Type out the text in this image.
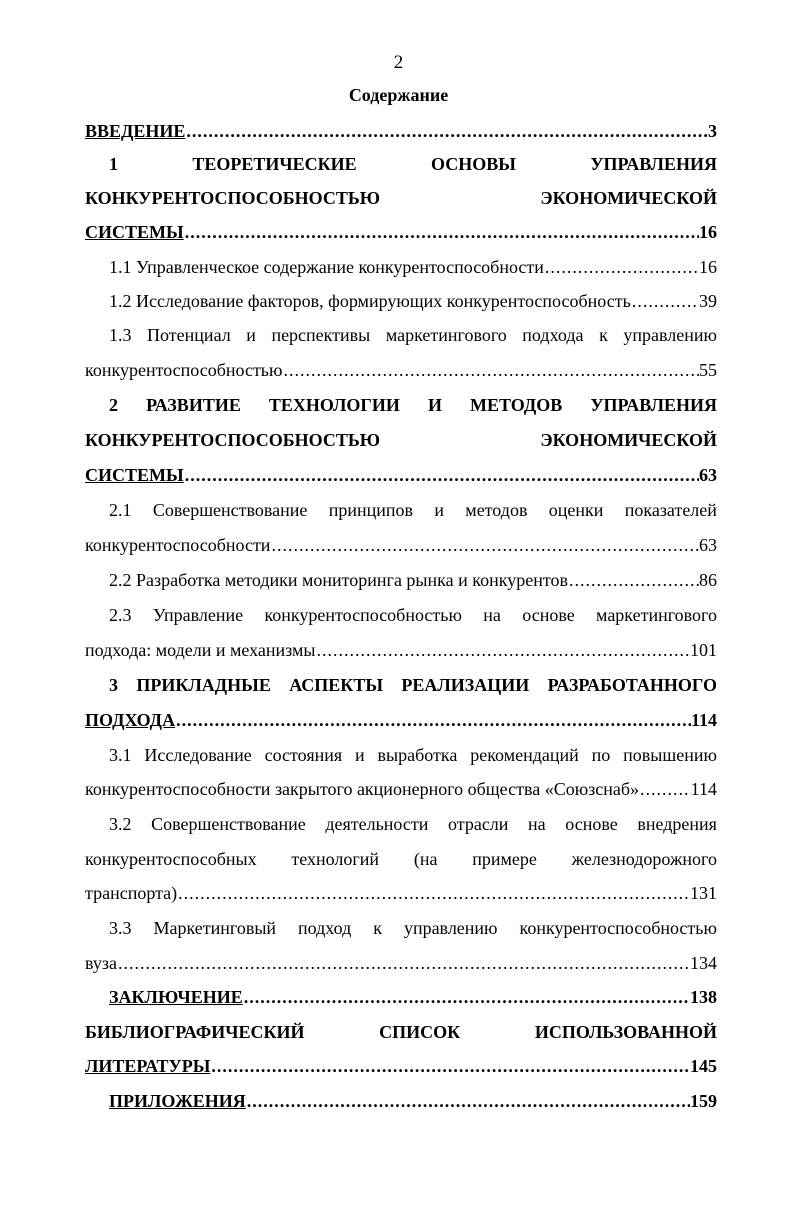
2
Содержание
ВВЕДЕНИЕ .....	3
1	ТЕОРЕТИЧЕСКИЕ	ОСНОВЫ	УПРАВЛЕНИЯ
КОНКУРЕНТОСПОСОБНОСТЬЮ	ЭКОНОМИЧЕСКОЙ
СИСТЕМЫ .....	16
1.1 Управленческое содержание конкурентоспособности .....	16
1.2 Исследование факторов, формирующих конкурентоспособность .....	39
1.3 Потенциал и перспективы маркетингового подхода к управлению
конкурентоспособностью .....	55
2 РАЗВИТИЕ ТЕХНОЛОГИИ И МЕТОДОВ УПРАВЛЕНИЯ
КОНКУРЕНТОСПОСОБНОСТЬЮ	ЭКОНОМИЧЕСКОЙ
СИСТЕМЫ .....	63
2.1 Совершенствование принципов и методов оценки показателей
конкурентоспособности .....	63
2.2 Разработка методики мониторинга рынка и конкурентов .....	86
2.3 Управление конкурентоспособностью на основе маркетингового
подхода: модели и механизмы .....	101
3 ПРИКЛАДНЫЕ АСПЕКТЫ РЕАЛИЗАЦИИ РАЗРАБОТАННОГО
ПОДХОДА .....	114
3.1 Исследование состояния и выработка рекомендаций по повышению
конкурентоспособности закрытого акционерного общества «Союзснаб» .....	114
3.2 Совершенствование деятельности отрасли на основе внедрения
конкурентоспособных технологий (на примере железнодорожного
транспорта) .....	131
3.3 Маркетинговый подход к управлению конкурентоспособностью
вуза .....	134
ЗАКЛЮЧЕНИЕ .....	138
БИБЛИОГРАФИЧЕСКИЙ	СПИСОК	ИСПОЛЬЗОВАННОЙ
ЛИТЕРАТУРЫ .....	145
ПРИЛОЖЕНИЯ .....	159
